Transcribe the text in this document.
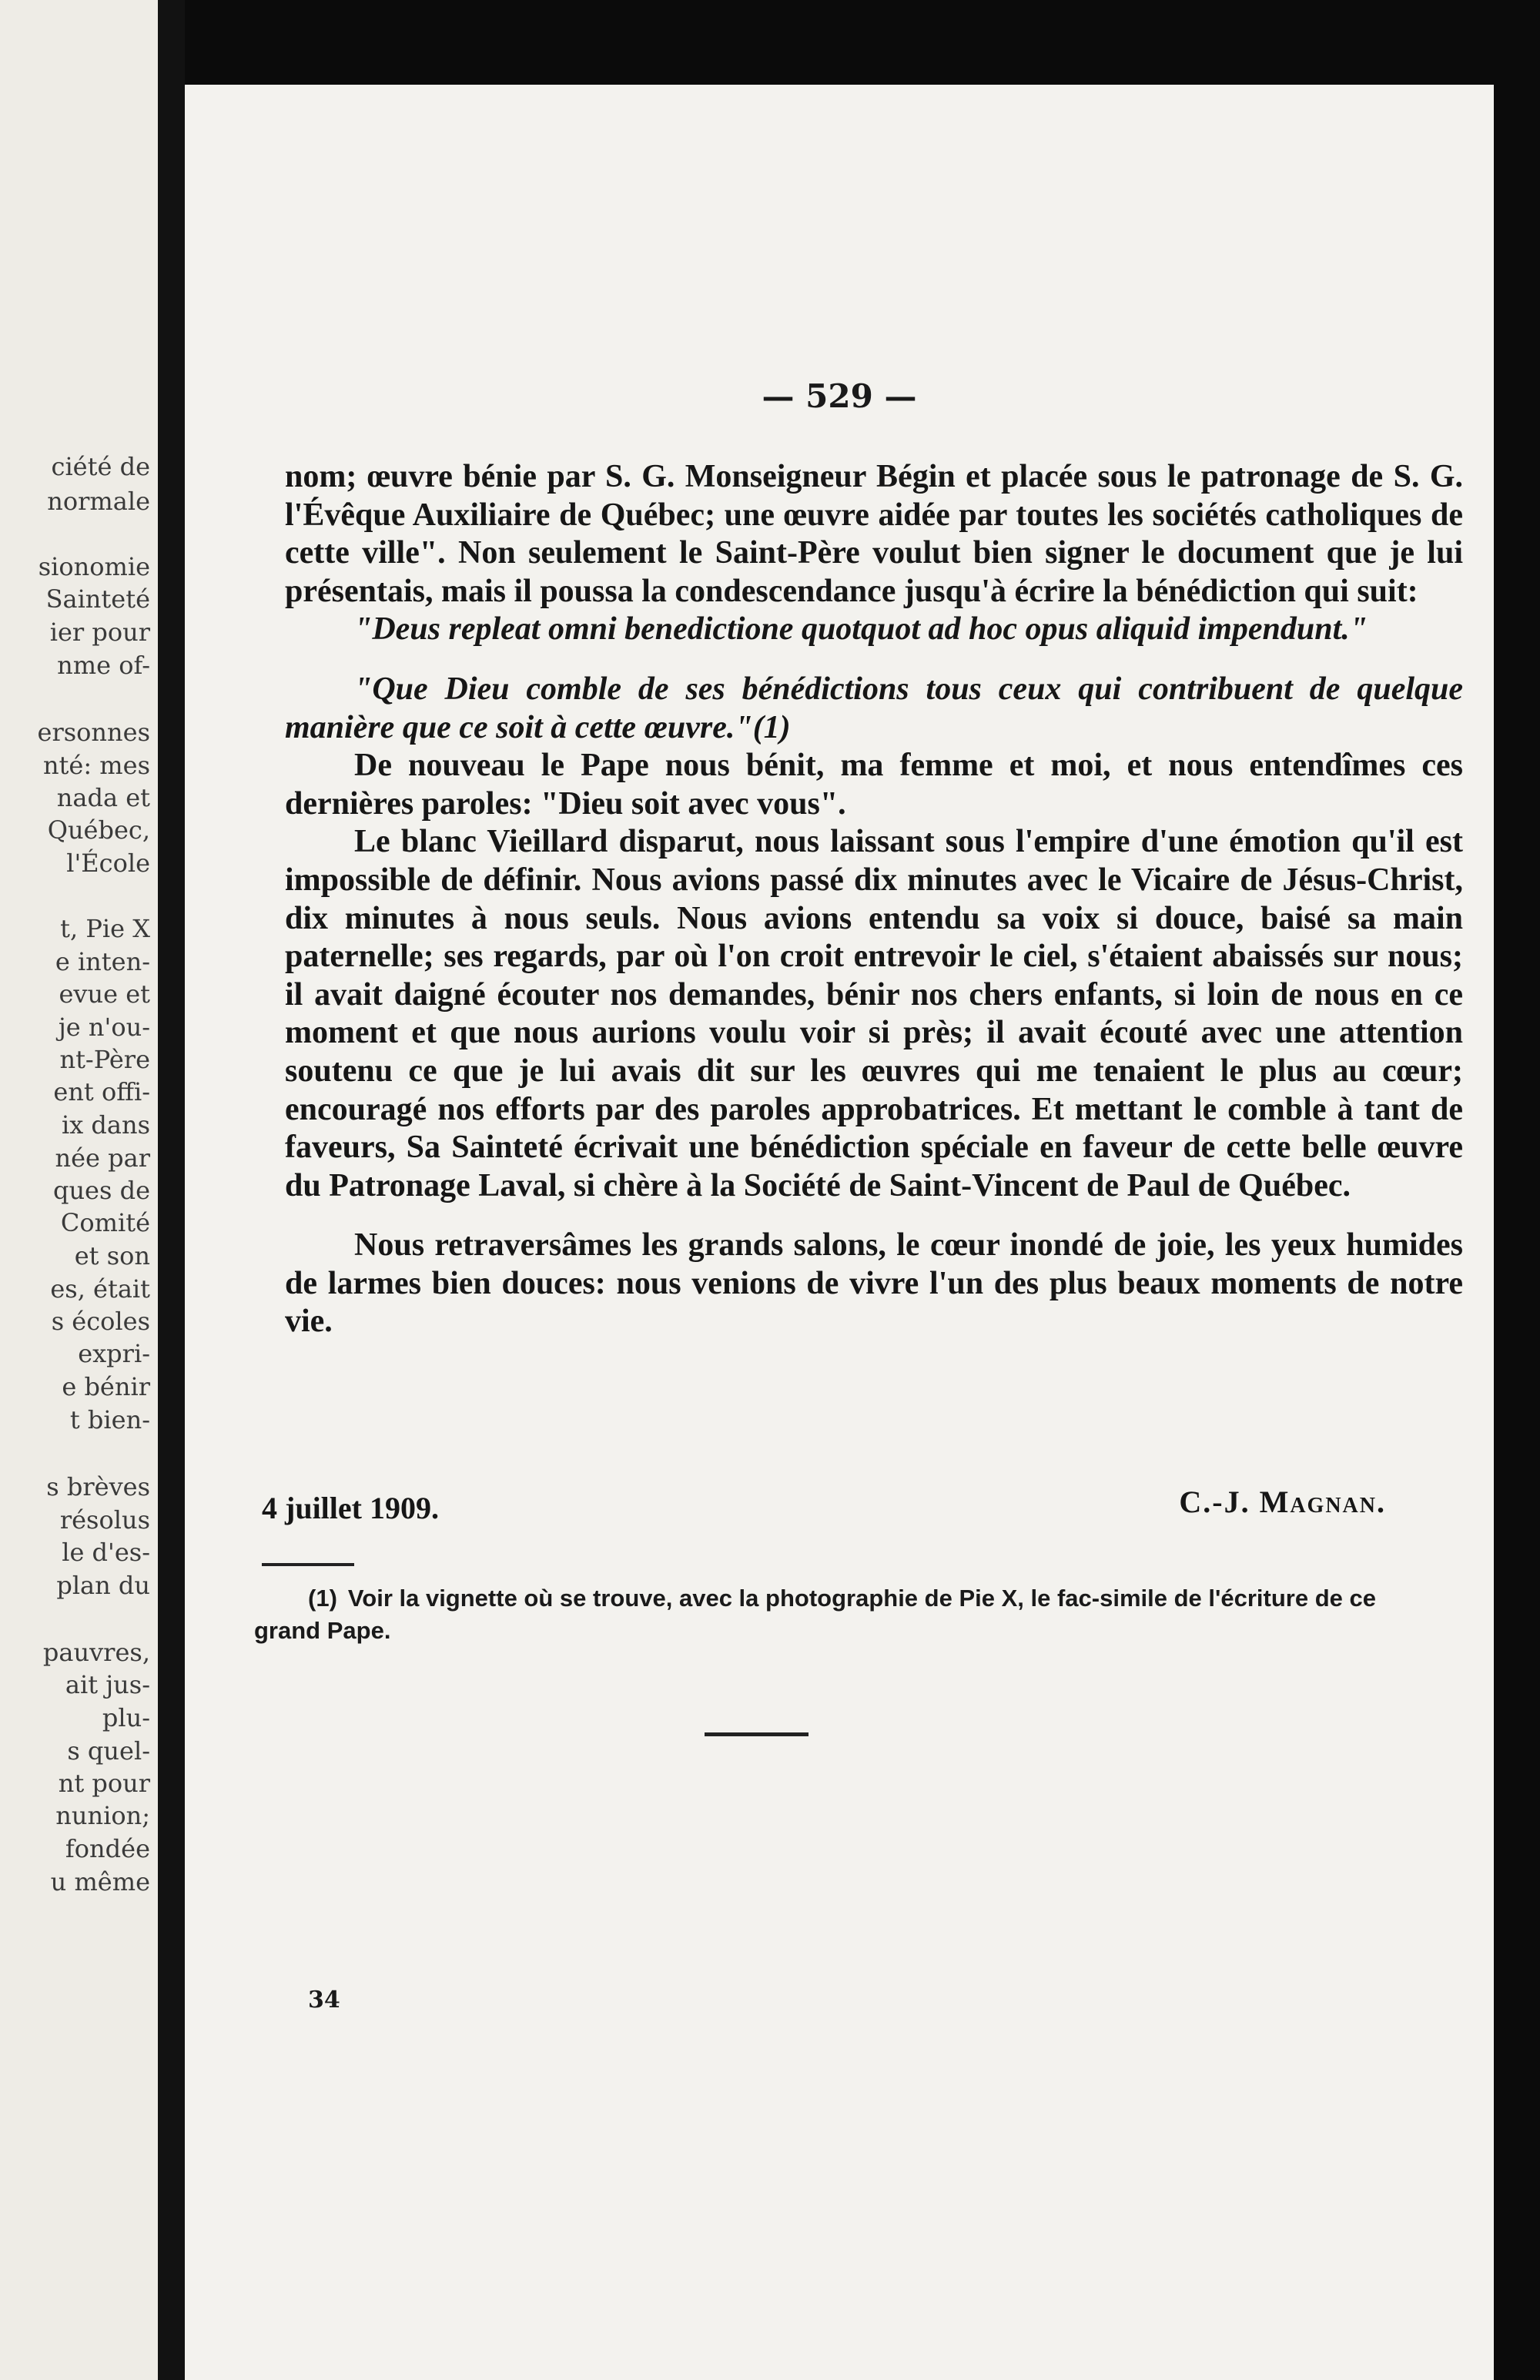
ciété de
normale
sionomie
Sainteté
ier pour
nme of-
ersonnes
nté: mes
nada et
Québec,
l'École
t, Pie X
e inten-
evue et
je n'ou-
nt-Père
ent offi-
ix dans
née par
ques de
Comité
et son
es, était
s écoles
expri-
e bénir
t bien-
s brèves
résolus
le d'es-
plan du
pauvres,
ait jus-
plu-
s quel-
nt pour
nunion;
fondée
u même
— 529 —

nom; œuvre bénie par S. G. Monseigneur Bégin et placée sous le patronage de S. G. l'Évêque Auxiliaire de Québec; une œuvre aidée par toutes les sociétés catholiques de cette ville". Non seulement le Saint-Père voulut bien signer le document que je lui présentais, mais il poussa la condescendance jusqu'à écrire la bénédiction qui suit:

"Deus repleat omni benedictione quotquot ad hoc opus aliquid impendunt."

"Que Dieu comble de ses bénédictions tous ceux qui contribuent de quelque manière que ce soit à cette œuvre."(1)

De nouveau le Pape nous bénit, ma femme et moi, et nous entendîmes ces dernières paroles: "Dieu soit avec vous".

Le blanc Vieillard disparut, nous laissant sous l'empire d'une émotion qu'il est impossible de définir. Nous avions passé dix minutes avec le Vicaire de Jésus-Christ, dix minutes à nous seuls. Nous avions entendu sa voix si douce, baisé sa main paternelle; ses regards, par où l'on croit entrevoir le ciel, s'étaient abaissés sur nous; il avait daigné écouter nos demandes, bénir nos chers enfants, si loin de nous en ce moment et que nous aurions voulu voir si près; il avait écouté avec une attention soutenu ce que je lui avais dit sur les œuvres qui me tenaient le plus au cœur; encouragé nos efforts par des paroles approbatrices. Et mettant le comble à tant de faveurs, Sa Sainteté écrivait une bénédiction spéciale en faveur de cette belle œuvre du Patronage Laval, si chère à la Société de Saint-Vincent de Paul de Québec.

Nous retraversâmes les grands salons, le cœur inondé de joie, les yeux humides de larmes bien douces: nous venions de vivre l'un des plus beaux moments de notre vie.

4 juillet 1909.	C.-J. Magnan.
(1) Voir la vignette où se trouve, avec la photographie de Pie X, le fac-simile de l'écriture de ce grand Pape.
34
